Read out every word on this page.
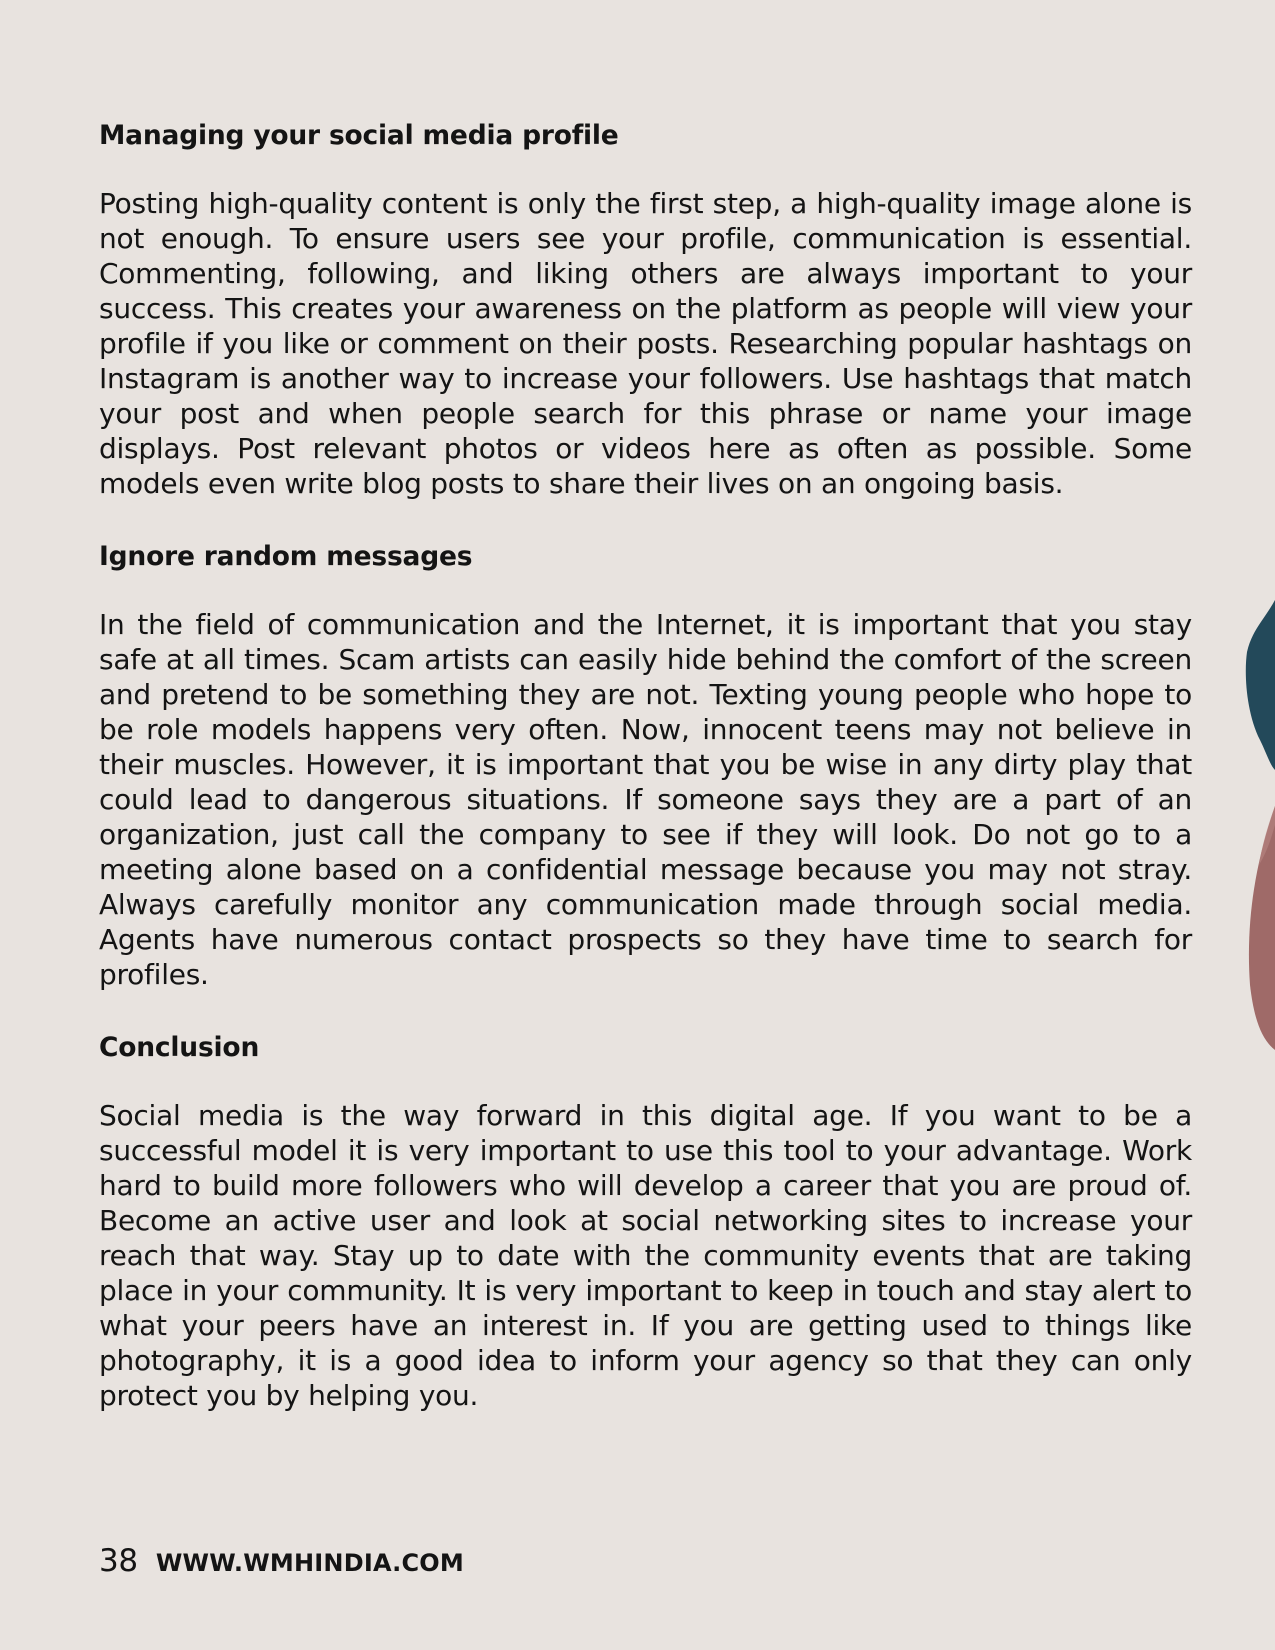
Managing your social media profile

Posting high-quality content is only the first step, a high-quality image alone is not enough. To ensure users see your profile, communication is essential. Commenting, following, and liking others are always important to your success. This creates your awareness on the platform as people will view your profile if you like or comment on their posts. Researching popular hashtags on Instagram is another way to increase your followers. Use hashtags that match your post and when people search for this phrase or name your image displays. Post relevant photos or videos here as often as possible. Some models even write blog posts to share their lives on an ongoing basis.

Ignore random messages

In the field of communication and the Internet, it is important that you stay safe at all times. Scam artists can easily hide behind the comfort of the screen and pretend to be something they are not. Texting young people who hope to be role models happens very often. Now, innocent teens may not believe in their muscles. However, it is important that you be wise in any dirty play that could lead to dangerous situations. If someone says they are a part of an organization, just call the company to see if they will look. Do not go to a meeting alone based on a confidential message because you may not stray. Always carefully monitor any communication made through social media. Agents have numerous contact prospects so they have time to search for profiles.

Conclusion

Social media is the way forward in this digital age. If you want to be a successful model it is very important to use this tool to your advantage. Work hard to build more followers who will develop a career that you are proud of. Become an active user and look at social networking sites to increase your reach that way. Stay up to date with the community events that are taking place in your community. It is very important to keep in touch and stay alert to what your peers have an interest in. If you are getting used to things like photography, it is a good idea to inform your agency so that they can only protect you by helping you.

38 WWW.WMHINDIA.COM
